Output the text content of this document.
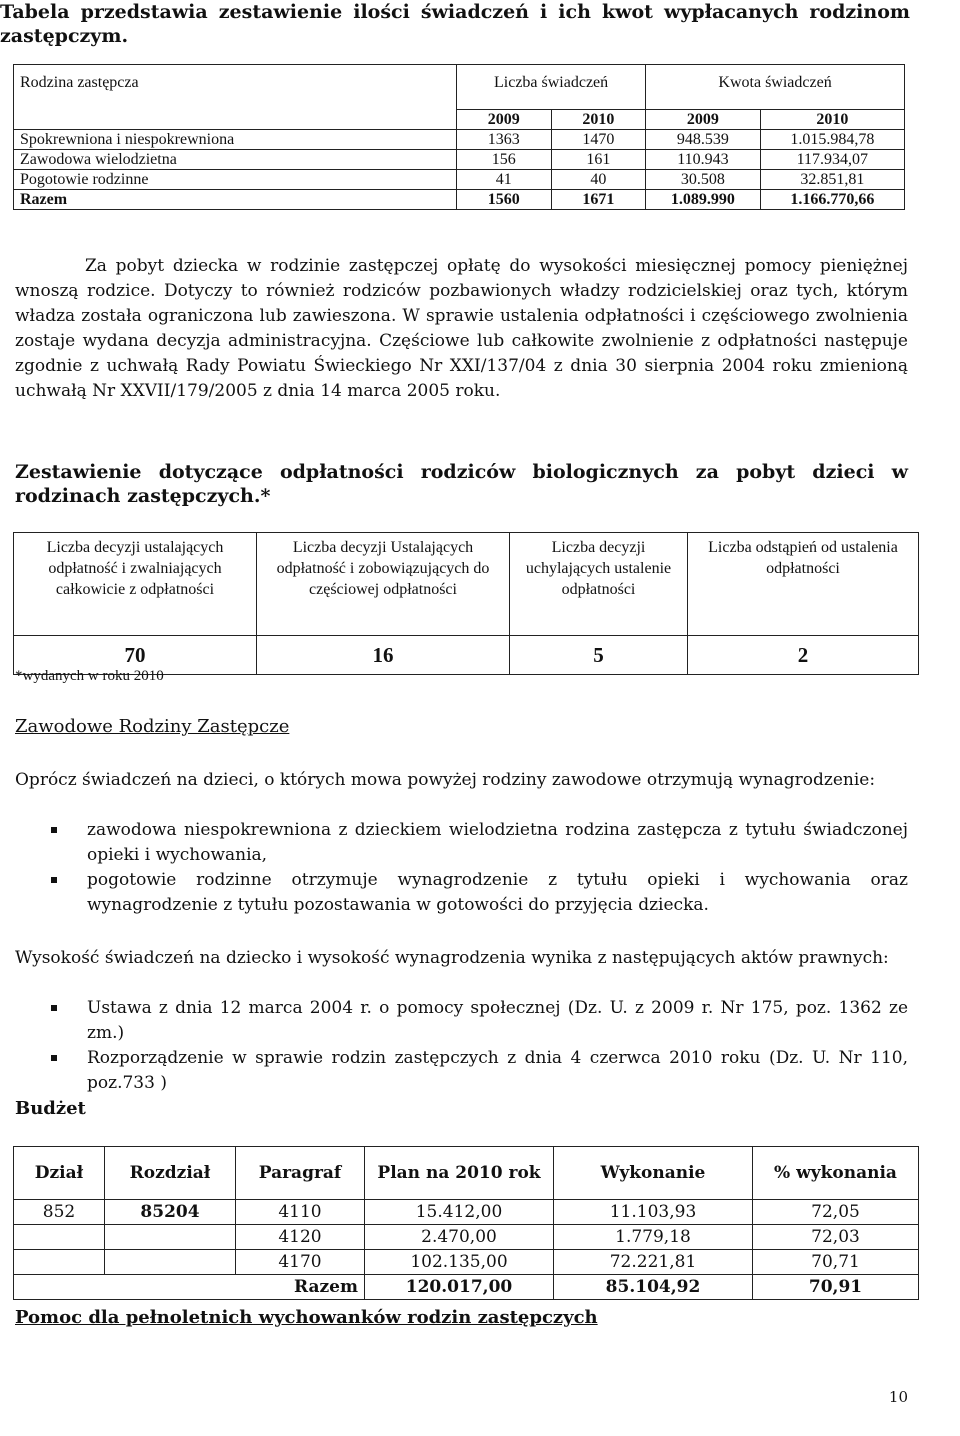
Tabela przedstawia zestawienie ilości świadczeń i ich kwot wypłacanych rodzinom zastępczym.
Rodzina zastępcza	Liczba świadczeń		Kwota świadczeń	
	2009	2010	2009	2010
Spokrewniona i niespokrewniona	1363	1470	948.539	1.015.984,78
Zawodowa wielodzietna	156	161	110.943	117.934,07
Pogotowie rodzinne	41	40	30.508	32.851,81
Razem	1560	1671	1.089.990	1.166.770,66
Za pobyt dziecka w rodzinie zastępczej opłatę do wysokości miesięcznej pomocy pieniężnej wnoszą rodzice. Dotyczy to również rodziców pozbawionych władzy rodzicielskiej oraz tych, którym władza została ograniczona lub zawieszona. W sprawie ustalenia odpłatności i częściowego zwolnienia zostaje wydana decyzja administracyjna. Częściowe lub całkowite zwolnienie z odpłatności następuje zgodnie z uchwałą Rady Powiatu Świeckiego Nr XXI/137/04 z dnia 30 sierpnia 2004 roku zmienioną uchwałą Nr XXVII/179/2005 z dnia 14 marca 2005 roku.
Zestawienie dotyczące odpłatności rodziców biologicznych za pobyt dzieci w rodzinach zastępczych.*
Liczba decyzji ustalających odpłatność i zwalniających całkowicie z odpłatności	Liczba decyzji Ustalających odpłatność i zobowiązujących do częściowej odpłatności	Liczba decyzji uchylających ustalenie odpłatności	Liczba odstąpień od ustalenia odpłatności
70	16	5	2
*wydanych w roku 2010
Zawodowe Rodziny Zastępcze
Oprócz świadczeń na dzieci, o których mowa powyżej rodziny zawodowe otrzymują wynagrodzenie:
zawodowa niespokrewniona z dzieckiem wielodzietna rodzina zastępcza z tytułu świadczonej opieki i wychowania,
pogotowie rodzinne otrzymuje wynagrodzenie z tytułu opieki i wychowania oraz wynagrodzenie z tytułu pozostawania w gotowości do przyjęcia dziecka.
Wysokość świadczeń na dziecko i wysokość wynagrodzenia wynika z następujących aktów prawnych:
Ustawa z dnia 12 marca 2004 r. o pomocy społecznej (Dz. U. z 2009 r. Nr 175, poz. 1362 ze zm.)
Rozporządzenie w sprawie rodzin zastępczych z dnia 4 czerwca 2010 roku (Dz. U. Nr 110, poz.733 )
Budżet
Dział	Rozdział	Paragraf	Plan na 2010 rok	Wykonanie	% wykonania
852	85204	4110	15.412,00	11.103,93	72,05
		4120	2.470,00	1.779,18	72,03
		4170	102.135,00	72.221,81	70,71
Razem			120.017,00	85.104,92	70,91
Pomoc dla pełnoletnich wychowanków rodzin zastępczych
10
